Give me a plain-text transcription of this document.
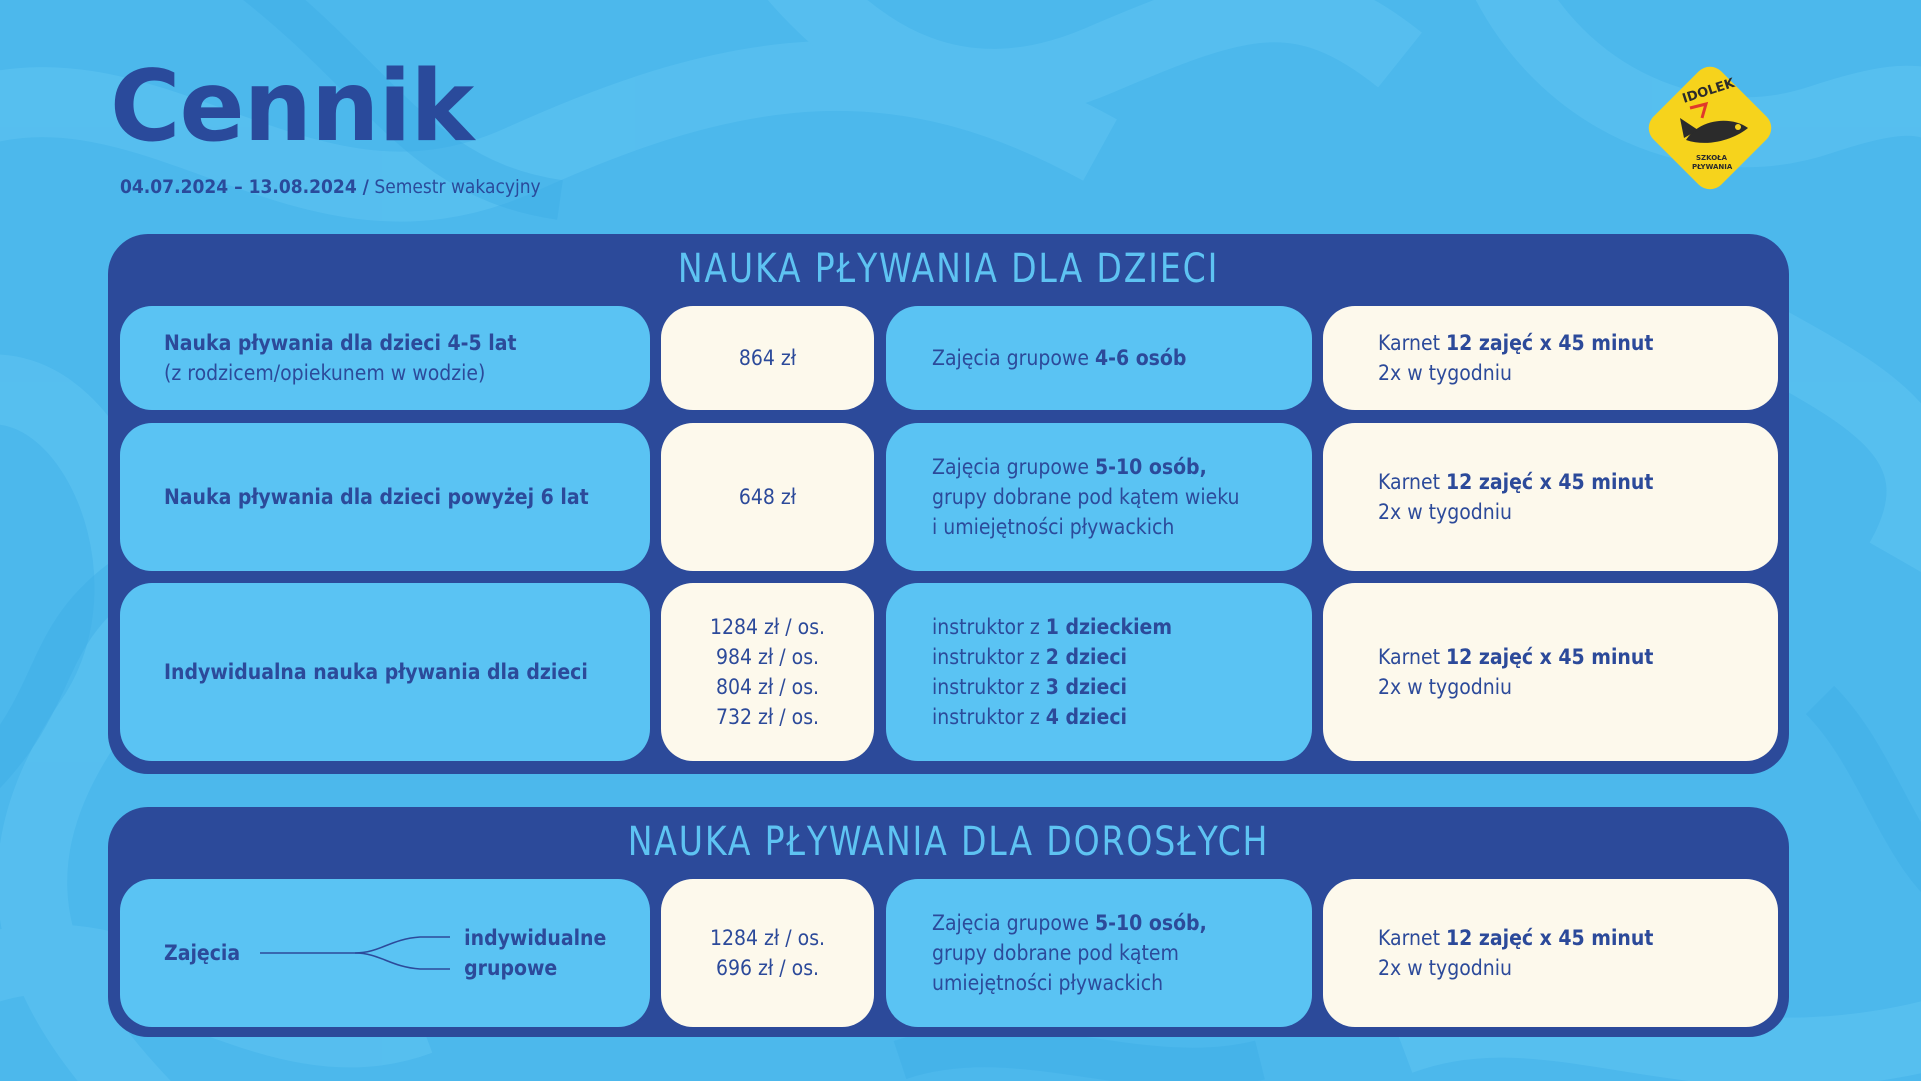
Cennik
04.07.2024 – 13.08.2024 / Semestr wakacyjny
IDOLEK
SZKOŁA
PŁYWANIA
NAUKA PŁYWANIA DLA DZIECI
Nauka pływania dla dzieci 4-5 lat
(z rodzicem/opiekunem w wodzie)
864 zł	Zajęcia grupowe 4-6 osób
Karnet 12 zajęć x 45 minut
2x w tygodniu
Nauka pływania dla dzieci powyżej 6 lat	648 zł
Zajęcia grupowe 5-10 osób,
grupy dobrane pod kątem wieku
i umiejętności pływackich
Karnet 12 zajęć x 45 minut
2x w tygodniu
Indywidualna nauka pływania dla dzieci
1284 zł / os.
984 zł / os.
804 zł / os.
732 zł / os.
instruktor z 1 dzieckiem
instruktor z 2 dzieci
instruktor z 3 dzieci
instruktor z 4 dzieci
Karnet 12 zajęć x 45 minut
2x w tygodniu
NAUKA PŁYWANIA DLA DOROSŁYCH
Zajęcia
indywidualne
grupowe
1284 zł / os.
696 zł / os.
Zajęcia grupowe 5-10 osób,
grupy dobrane pod kątem
umiejętności pływackich
Karnet 12 zajęć x 45 minut
2x w tygodniu
